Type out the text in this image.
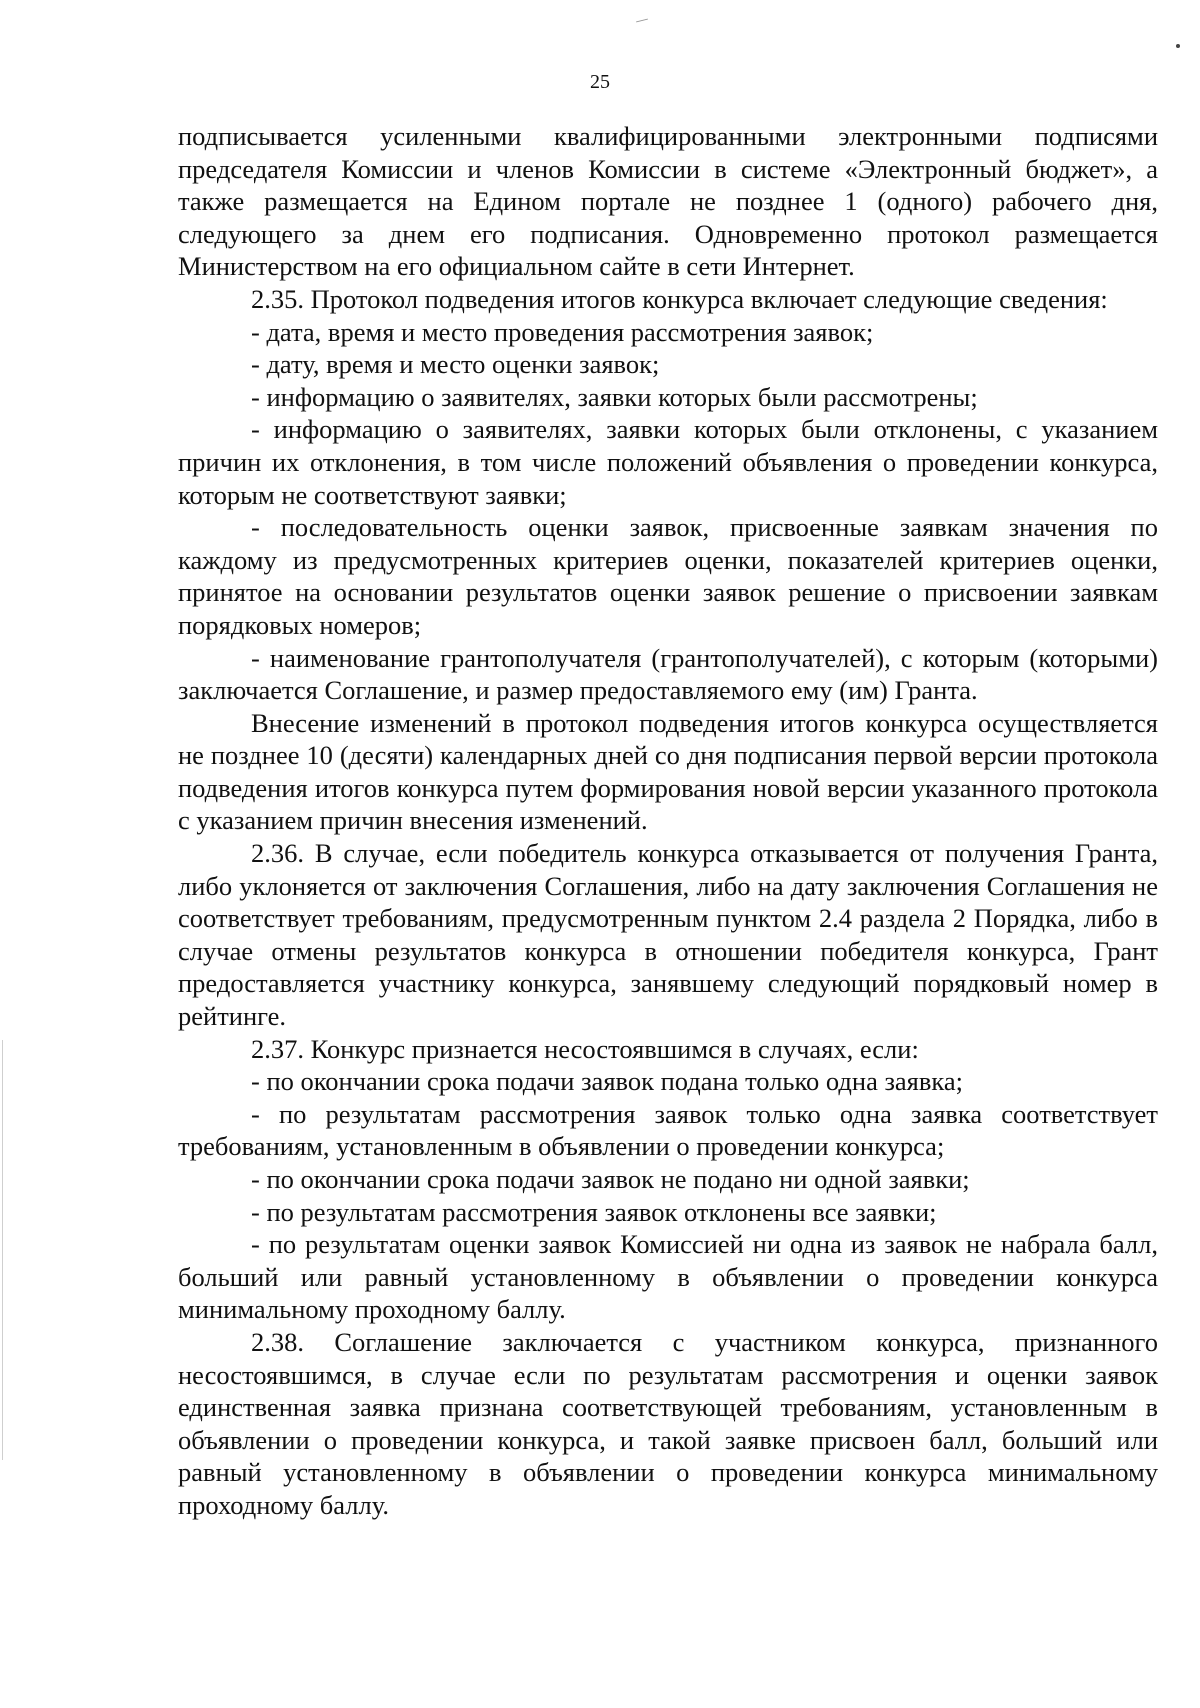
25

подписывается усиленными квалифицированными электронными подписями председателя Комиссии и членов Комиссии в системе «Электронный бюджет», а также размещается на Едином портале не позднее 1 (одного) рабочего дня, следующего за днем его подписания. Одновременно протокол размещается Министерством на его официальном сайте в сети Интернет.

2.35. Протокол подведения итогов конкурса включает следующие сведения:

- дата, время и место проведения рассмотрения заявок;

- дату, время и место оценки заявок;

- информацию о заявителях, заявки которых были рассмотрены;

- информацию о заявителях, заявки которых были отклонены, с указанием причин их отклонения, в том числе положений объявления о проведении конкурса, которым не соответствуют заявки;

- последовательность оценки заявок, присвоенные заявкам значения по каждому из предусмотренных критериев оценки, показателей критериев оценки, принятое на основании результатов оценки заявок решение о присвоении заявкам порядковых номеров;

- наименование грантополучателя (грантополучателей), с которым (которыми) заключается Соглашение, и размер предоставляемого ему (им) Гранта.

Внесение изменений в протокол подведения итогов конкурса осуществляется не позднее 10 (десяти) календарных дней со дня подписания первой версии протокола подведения итогов конкурса путем формирования новой версии указанного протокола с указанием причин внесения изменений.

2.36. В случае, если победитель конкурса отказывается от получения Гранта, либо уклоняется от заключения Соглашения, либо на дату заключения Соглашения не соответствует требованиям, предусмотренным пунктом 2.4 раздела 2 Порядка, либо в случае отмены результатов конкурса в отношении победителя конкурса, Грант предоставляется участнику конкурса, занявшему следующий порядковый номер в рейтинге.

2.37. Конкурс признается несостоявшимся в случаях, если:

- по окончании срока подачи заявок подана только одна заявка;

- по результатам рассмотрения заявок только одна заявка соответствует требованиям, установленным в объявлении о проведении конкурса;

- по окончании срока подачи заявок не подано ни одной заявки;

- по результатам рассмотрения заявок отклонены все заявки;

- по результатам оценки заявок Комиссией ни одна из заявок не набрала балл, больший или равный установленному в объявлении о проведении конкурса минимальному проходному баллу.

2.38. Соглашение заключается с участником конкурса, признанного несостоявшимся, в случае если по результатам рассмотрения и оценки заявок единственная заявка признана соответствующей требованиям, установленным в объявлении о проведении конкурса, и такой заявке присвоен балл, больший или равный установленному в объявлении о проведении конкурса минимальному проходному баллу.
